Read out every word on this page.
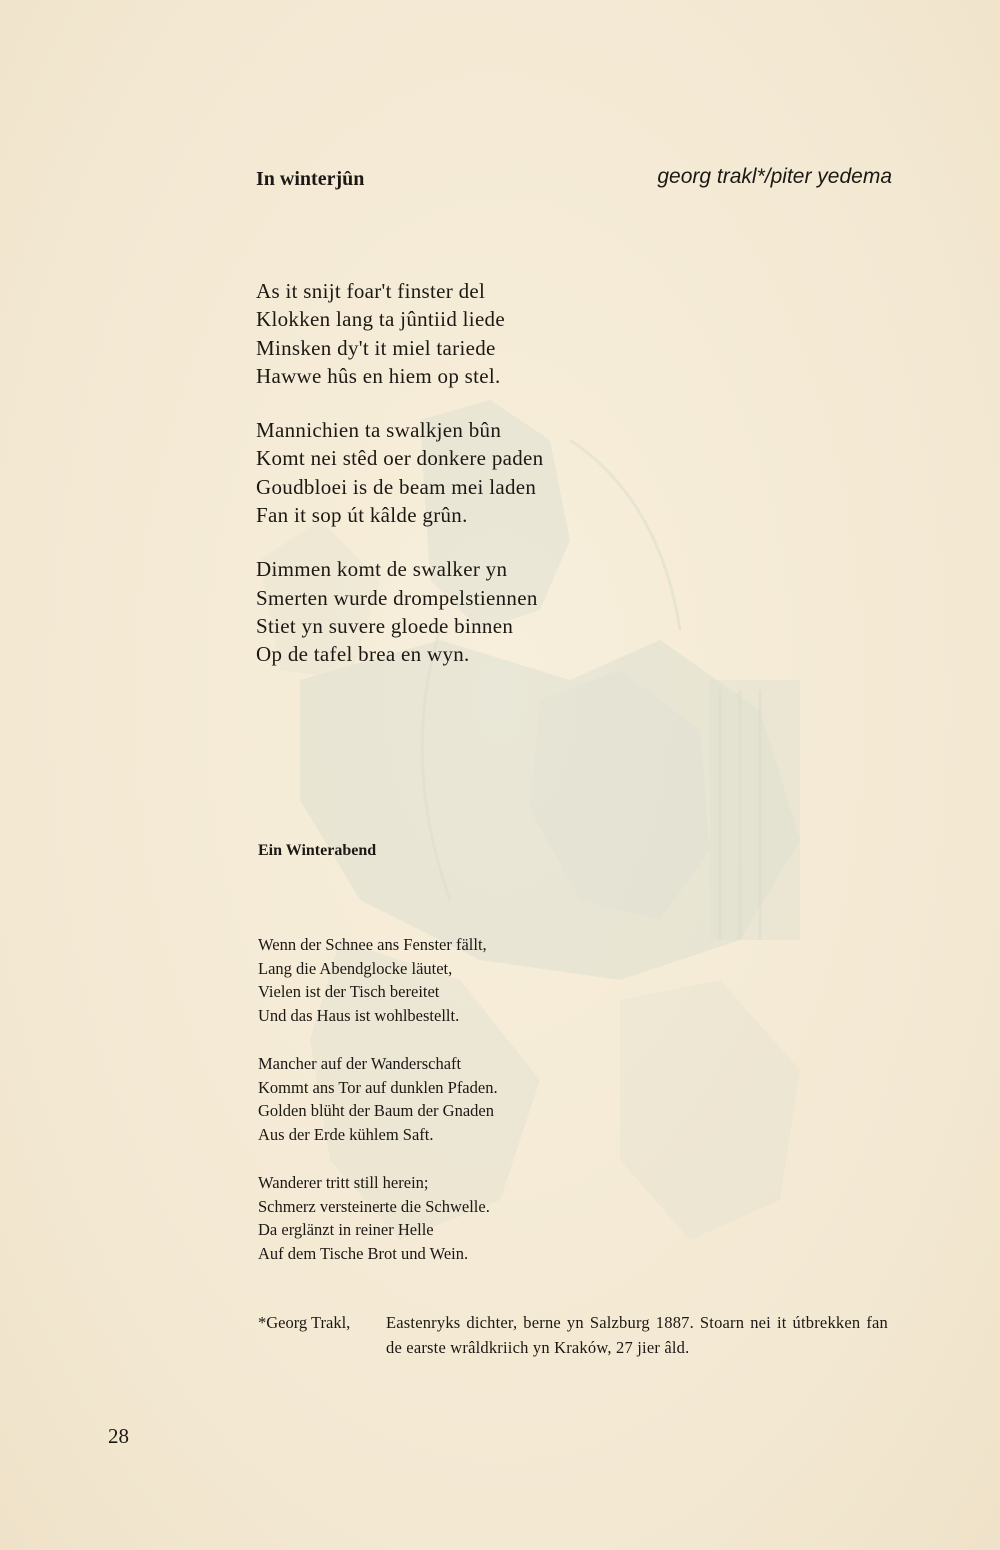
In winterjûn	georg trakl*/piter yedema
As it snijt foar't finster del
Klokken lang ta jûntiid liede
Minsken dy't it miel tariede
Hawwe hûs en hiem op stel.
Mannichien ta swalkjen bûn
Komt nei stêd oer donkere paden
Goudbloei is de beam mei laden
Fan it sop út kâlde grûn.
Dimmen komt de swalker yn
Smerten wurde drompelstiennen
Stiet yn suvere gloede binnen
Op de tafel brea en wyn.
Ein Winterabend
Wenn der Schnee ans Fenster fällt,
Lang die Abendglocke läutet,
Vielen ist der Tisch bereitet
Und das Haus ist wohlbestellt.
Mancher auf der Wanderschaft
Kommt ans Tor auf dunklen Pfaden.
Golden blüht der Baum der Gnaden
Aus der Erde kühlem Saft.
Wanderer tritt still herein;
Schmerz versteinerte die Schwelle.
Da erglänzt in reiner Helle
Auf dem Tische Brot und Wein.
*Georg Trakl, Eastenryks dichter, berne yn Salzburg 1887. Stoarn nei it útbrekken fan de earste wrâldkriich yn Kraków, 27 jier âld.
28
